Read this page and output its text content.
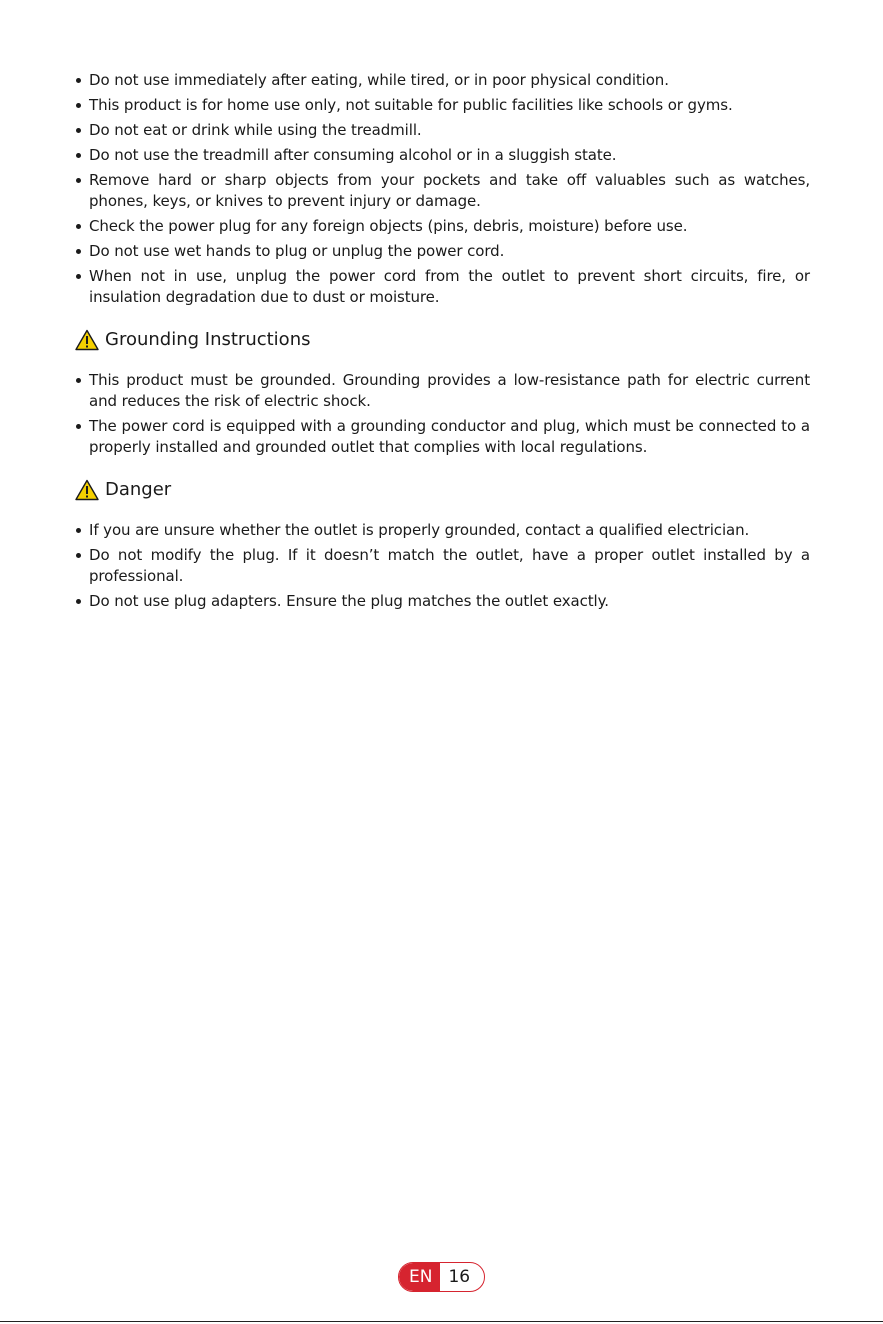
Do not use immediately after eating, while tired, or in poor physical condition.
This product is for home use only, not suitable for public facilities like schools or gyms.
Do not eat or drink while using the treadmill.
Do not use the treadmill after consuming alcohol or in a sluggish state.
Remove hard or sharp objects from your pockets and take off valuables such as watches, phones, keys, or knives to prevent injury or damage.
Check the power plug for any foreign objects (pins, debris, moisture) before use.
Do not use wet hands to plug or unplug the power cord.
When not in use, unplug the power cord from the outlet to prevent short circuits, fire, or insulation degradation due to dust or moisture.
Grounding Instructions
This product must be grounded. Grounding provides a low-resistance path for electric current and reduces the risk of electric shock.
The power cord is equipped with a grounding conductor and plug, which must be connected to a properly installed and grounded outlet that complies with local regulations.
Danger
If you are unsure whether the outlet is properly grounded, contact a qualified electrician.
Do not modify the plug. If it doesn’t match the outlet, have a proper outlet installed by a professional.
Do not use plug adapters. Ensure the plug matches the outlet exactly.
EN 16
